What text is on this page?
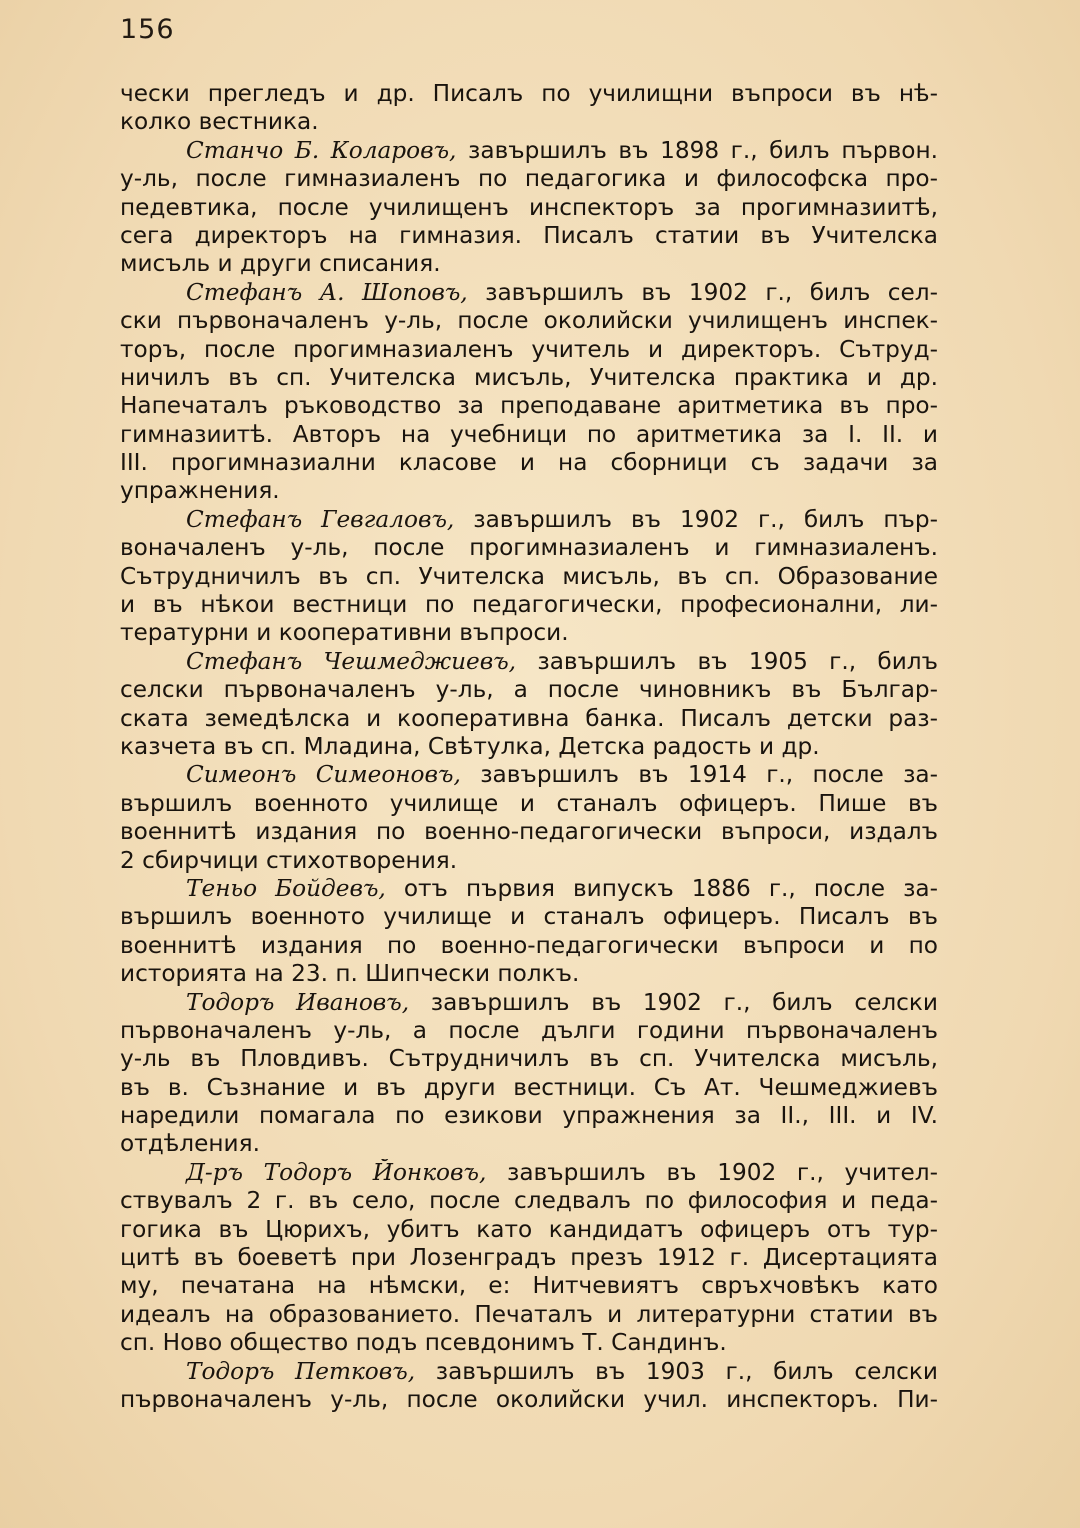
156
чески прегледъ и др. Писалъ по училищни въпроси въ нѣ-
колко вестника.
Станчо Б. Коларовъ, завършилъ въ 1898 г., билъ първон.
у-ль, после гимназиаленъ по педагогика и философска про-
педевтика, после училищенъ инспекторъ за прогимназиитѣ,
сега директоръ на гимназия. Писалъ статии въ Учителска
мисъль и други списания.
Стефанъ А. Шоповъ, завършилъ въ 1902 г., билъ сел-
ски първоначаленъ у-ль, после околийски училищенъ инспек-
торъ, после прогимназиаленъ учитель и директоръ. Сътруд-
ничилъ въ сп. Учителска мисъль, Учителска практика и др.
Напечаталъ ръководство за преподаване аритметика въ про-
гимназиитѣ. Авторъ на учебници по аритметика за I. II. и
III. прогимназиални класове и на сборници съ задачи за
упражнения.
Стефанъ Гевгаловъ, завършилъ въ 1902 г., билъ пър-
воначаленъ у-ль, после прогимназиаленъ и гимназиаленъ.
Сътрудничилъ въ сп. Учителска мисъль, въ сп. Образование
и въ нѣкои вестници по педагогически, професионални, ли-
тературни и кооперативни въпроси.
Стефанъ Чешмеджиевъ, завършилъ въ 1905 г., билъ
селски първоначаленъ у-ль, а после чиновникъ въ Българ-
ската земедѣлска и кооперативна банка. Писалъ детски раз-
казчета въ сп. Младина, Свѣтулка, Детска радость и др.
Симеонъ Симеоновъ, завършилъ въ 1914 г., после за-
вършилъ военното училище и станалъ офицеръ. Пише въ
военнитѣ издания по военно-педагогически въпроси, издалъ
2 сбирчици стихотворения.
Теньо Бойдевъ, отъ първия випускъ 1886 г., после за-
вършилъ военното училище и станалъ офицеръ. Писалъ въ
военнитѣ издания по военно-педагогически въпроси и по
историята на 23. п. Шипчески полкъ.
Тодоръ Ивановъ, завършилъ въ 1902 г., билъ селски
първоначаленъ у-ль, а после дълги години първоначаленъ
у-ль въ Пловдивъ. Сътрудничилъ въ сп. Учителска мисъль,
въ в. Съзнание и въ други вестници. Съ Ат. Чешмеджиевъ
наредили помагала по езикови упражнения за II., III. и IV.
отдѣления.
Д-ръ Тодоръ Йонковъ, завършилъ въ 1902 г., учител-
ствувалъ 2 г. въ село, после следвалъ по философия и педа-
гогика въ Цюрихъ, убитъ като кандидатъ офицеръ отъ тур-
цитѣ въ боеветѣ при Лозенградъ презъ 1912 г. Дисертацията
му, печатана на нѣмски, е: Нитчевиятъ свръхчовѣкъ като
идеалъ на образованието. Печаталъ и литературни статии въ
сп. Ново общество подъ псевдонимъ Т. Сандинъ.
Тодоръ Петковъ, завършилъ въ 1903 г., билъ селски
първоначаленъ у-ль, после околийски учил. инспекторъ. Пи-
